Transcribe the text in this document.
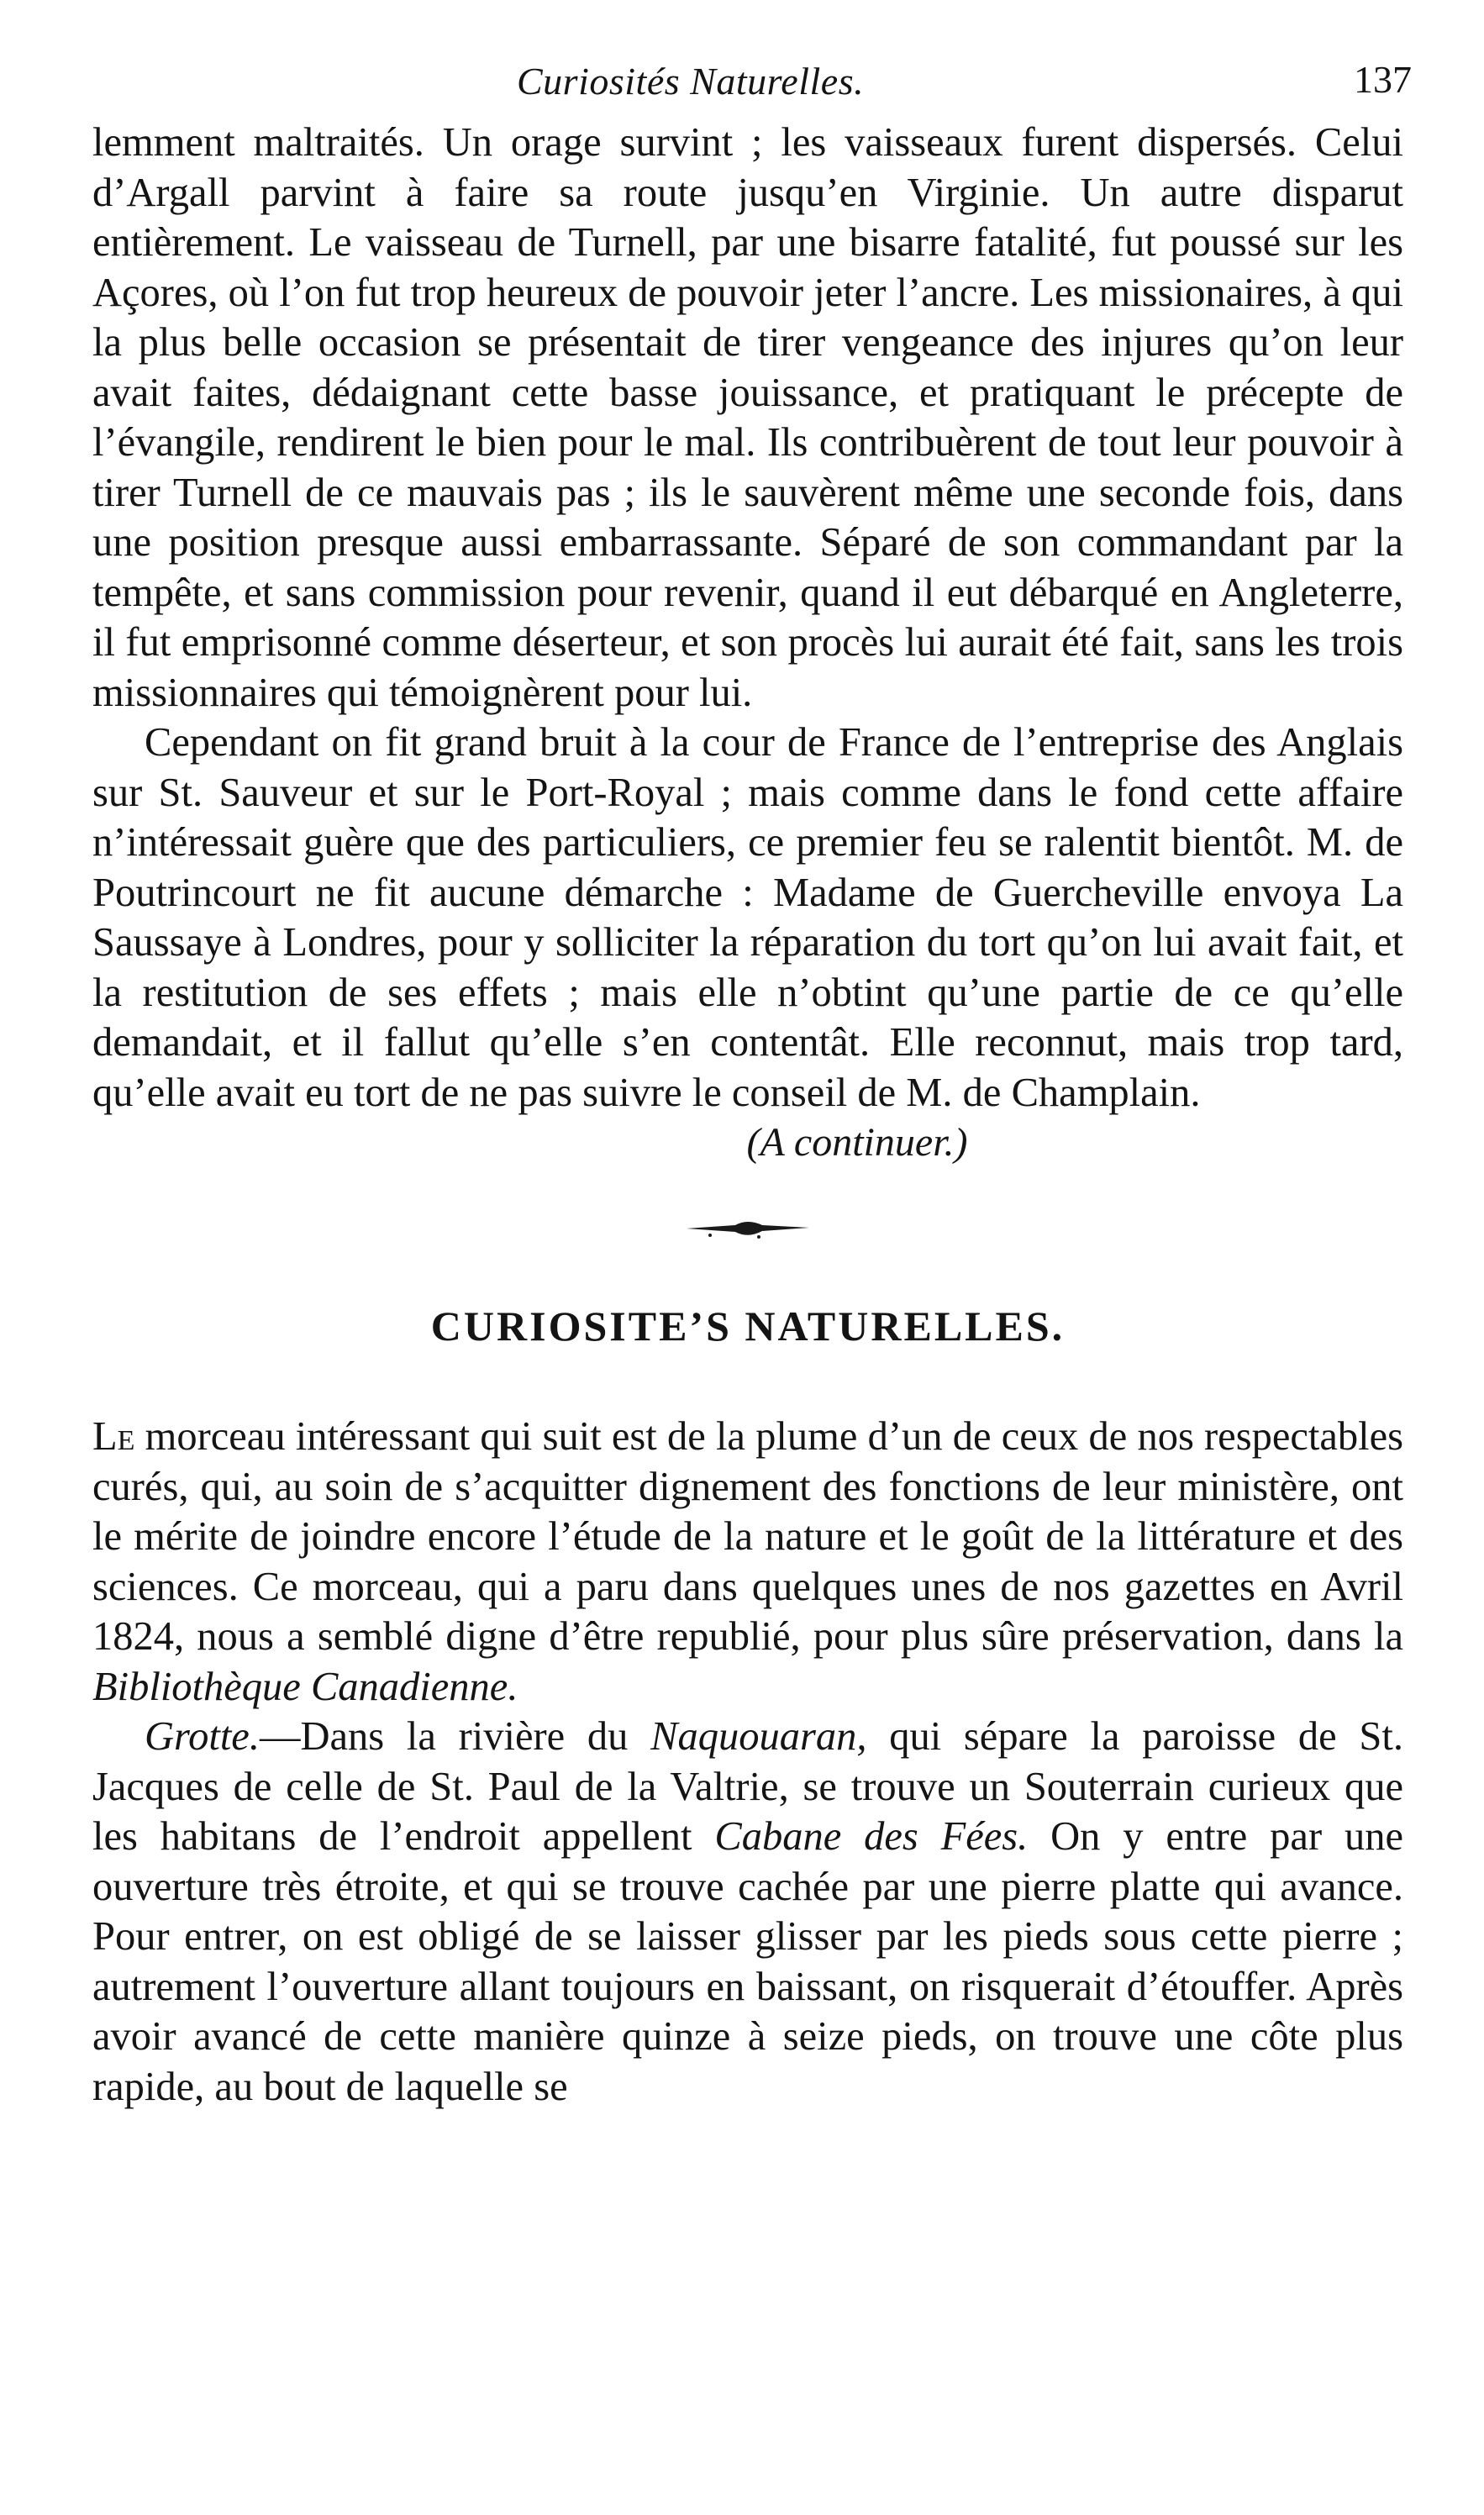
Curiosités Naturelles.	137

lemment maltraités. Un orage survint ; les vaisseaux furent dispersés. Celui d’Argall parvint à faire sa route jusqu’en Virginie. Un autre disparut entièrement. Le vaisseau de Turnell, par une bisarre fatalité, fut poussé sur les Açores, où l’on fut trop heureux de pouvoir jeter l’ancre. Les missionaires, à qui la plus belle occasion se présentait de tirer vengeance des injures qu’on leur avait faites, dédaignant cette basse jouissance, et pratiquant le précepte de l’évangile, rendirent le bien pour le mal. Ils contribuèrent de tout leur pouvoir à tirer Turnell de ce mauvais pas ; ils le sauvèrent même une seconde fois, dans une position presque aussi embarrassante. Séparé de son commandant par la tempête, et sans commission pour revenir, quand il eut débarqué en Angleterre, il fut emprisonné comme déserteur, et son procès lui aurait été fait, sans les trois missionnaires qui témoignèrent pour lui.

Cependant on fit grand bruit à la cour de France de l’entreprise des Anglais sur St. Sauveur et sur le Port-Royal ; mais comme dans le fond cette affaire n’intéressait guère que des particuliers, ce premier feu se ralentit bientôt. M. de Poutrincourt ne fit aucune démarche : Madame de Guercheville envoya La Saussaye à Londres, pour y solliciter la réparation du tort qu’on lui avait fait, et la restitution de ses effets ; mais elle n’obtint qu’une partie de ce qu’elle demandait, et il fallut qu’elle s’en contentât. Elle reconnut, mais trop tard, qu’elle avait eu tort de ne pas suivre le conseil de M. de Champlain.

(A continuer.)

CURIOSITE’S NATURELLES.

Le morceau intéressant qui suit est de la plume d’un de ceux de nos respectables curés, qui, au soin de s’acquitter dignement des fonctions de leur ministère, ont le mérite de joindre encore l’étude de la nature et le goût de la littérature et des sciences. Ce morceau, qui a paru dans quelques unes de nos gazettes en Avril 1824, nous a semblé digne d’être republié, pour plus sûre préservation, dans la Bibliothèque Canadienne.

Grotte.—Dans la rivière du Naquouaran, qui sépare la paroisse de St. Jacques de celle de St. Paul de la Valtrie, se trouve un Souterrain curieux que les habitans de l’endroit appellent Cabane des Fées. On y entre par une ouverture très étroite, et qui se trouve cachée par une pierre platte qui avance. Pour entrer, on est obligé de se laisser glisser par les pieds sous cette pierre ; autrement l’ouverture allant toujours en baissant, on risquerait d’étouffer. Après avoir avancé de cette manière quinze à seize pieds, on trouve une côte plus rapide, au bout de laquelle se
